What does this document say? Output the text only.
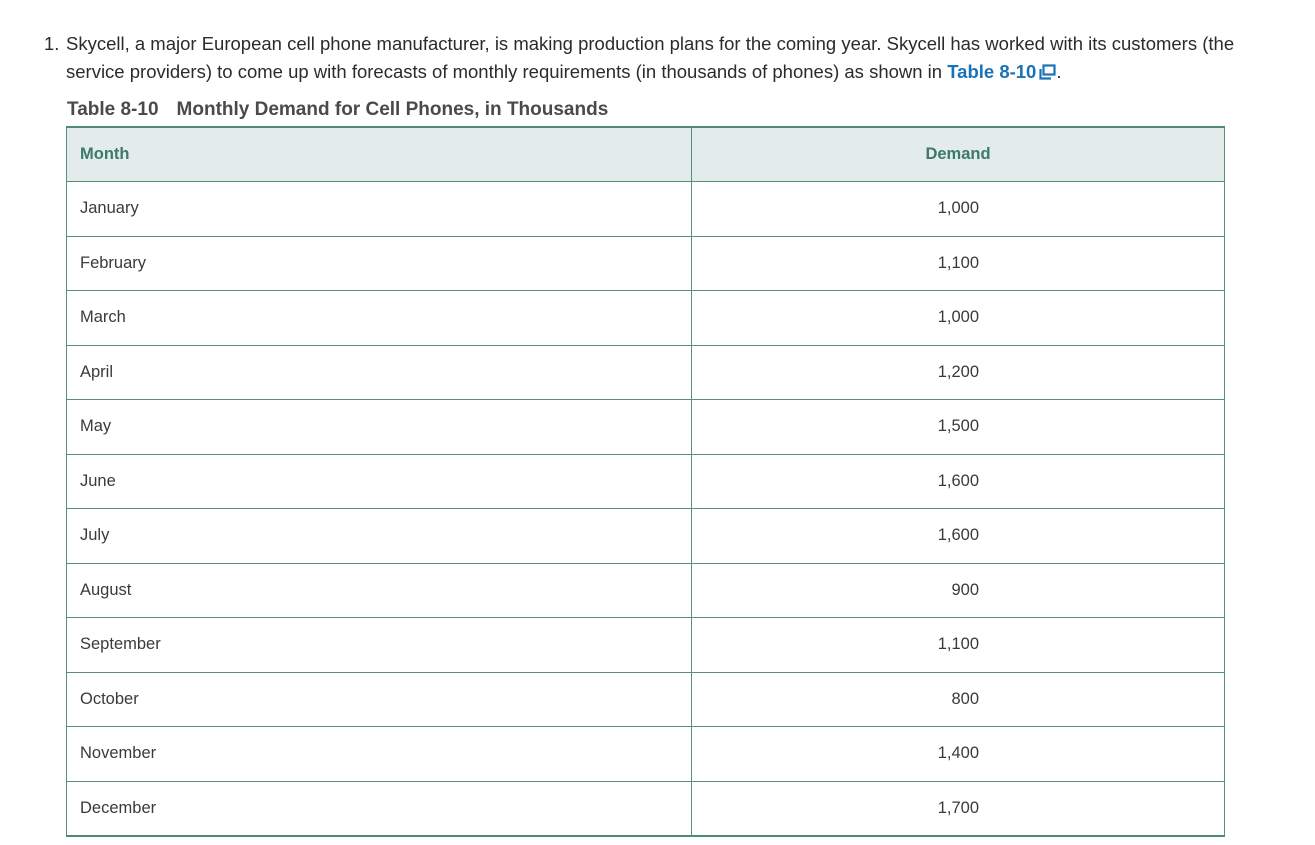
1. Skycell, a major European cell phone manufacturer, is making production plans for the coming year. Skycell has worked with its customers (the service providers) to come up with forecasts of monthly requirements (in thousands of phones) as shown in Table 8-10 .
Table 8-10 Monthly Demand for Cell Phones, in Thousands
Month	Demand
January	1,000
February	1,100
March	1,000
April	1,200
May	1,500
June	1,600
July	1,600
August	900
September	1,100
October	800
November	1,400
December	1,700
